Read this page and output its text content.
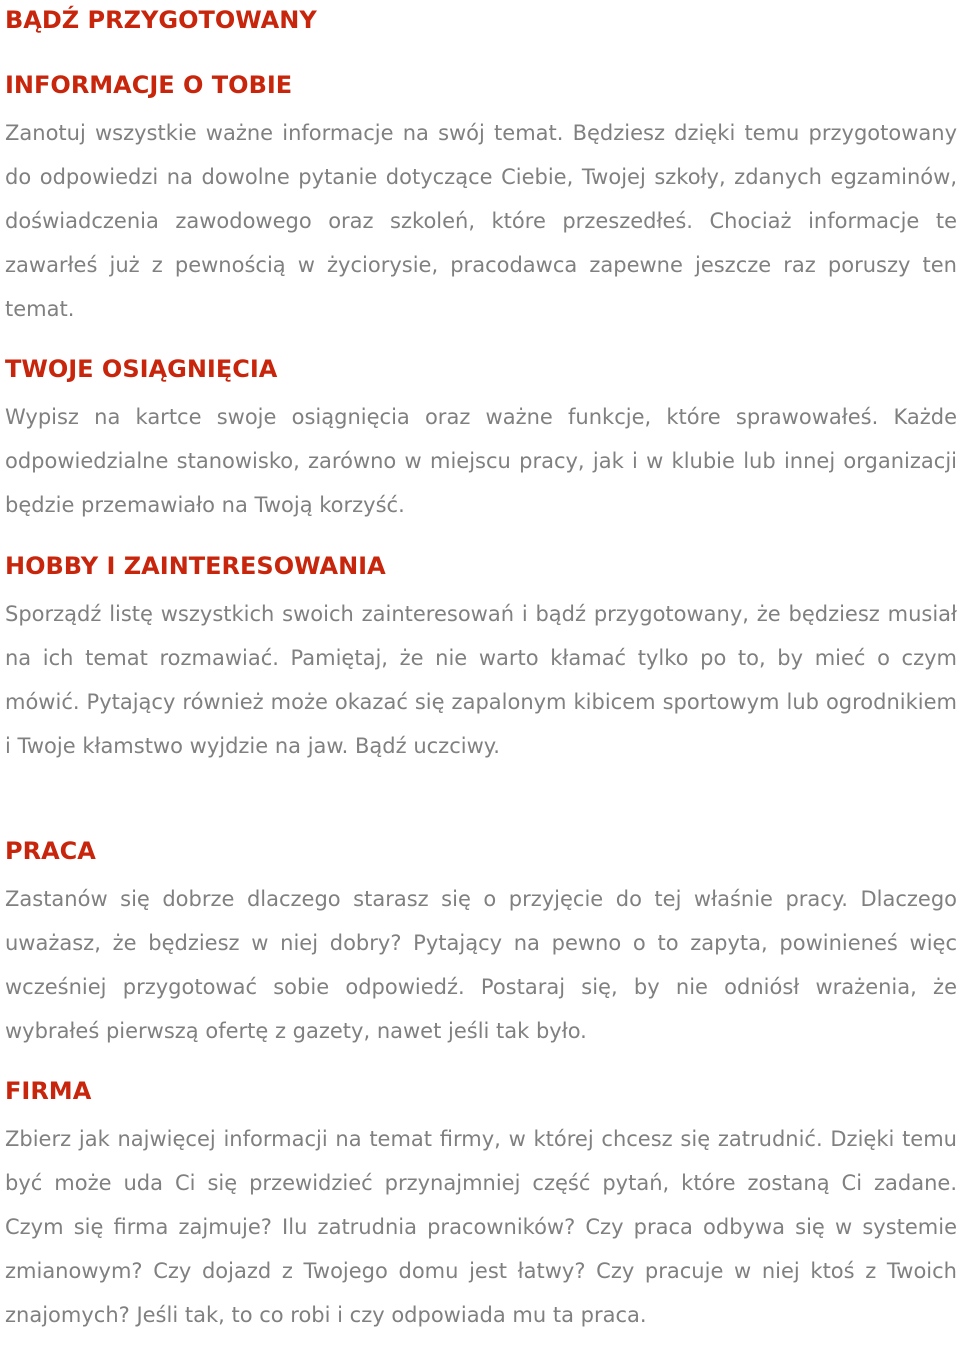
BĄDŹ PRZYGOTOWANY
INFORMACJE O TOBIE

Zanotuj wszystkie ważne informacje na swój temat. Będziesz dzięki temu przygotowany do odpowiedzi na dowolne pytanie dotyczące Ciebie, Twojej szkoły, zdanych egzaminów, doświadczenia zawodowego oraz szkoleń, które przeszedłeś. Chociaż informacje te zawarłeś już z pewnością w życiorysie, pracodawca zapewne jeszcze raz poruszy ten temat.

TWOJE OSIĄGNIĘCIA

Wypisz na kartce swoje osiągnięcia oraz ważne funkcje, które sprawowałeś. Każde odpowiedzialne stanowisko, zarówno w miejscu pracy, jak i w klubie lub innej organizacji będzie przemawiało na Twoją korzyść.

HOBBY I ZAINTERESOWANIA

Sporządź listę wszystkich swoich zainteresowań i bądź przygotowany, że będziesz musiał na ich temat rozmawiać. Pamiętaj, że nie warto kłamać tylko po to, by mieć o czym mówić. Pytający również może okazać się zapalonym kibicem sportowym lub ogrodnikiem i Twoje kłamstwo wyjdzie na jaw. Bądź uczciwy.

PRACA

Zastanów się dobrze dlaczego starasz się o przyjęcie do tej właśnie pracy. Dlaczego uważasz, że będziesz w niej dobry? Pytający na pewno o to zapyta, powinieneś więc wcześniej przygotować sobie odpowiedź. Postaraj się, by nie odniósł wrażenia, że wybrałeś pierwszą ofertę z gazety, nawet jeśli tak było.

FIRMA

Zbierz jak najwięcej informacji na temat firmy, w której chcesz się zatrudnić. Dzięki temu być może uda Ci się przewidzieć przynajmniej część pytań, które zostaną Ci zadane. Czym się firma zajmuje? Ilu zatrudnia pracowników? Czy praca odbywa się w systemie zmianowym? Czy dojazd z Twojego domu jest łatwy? Czy pracuje w niej ktoś z Twoich znajomych? Jeśli tak, to co robi i czy odpowiada mu ta praca.
